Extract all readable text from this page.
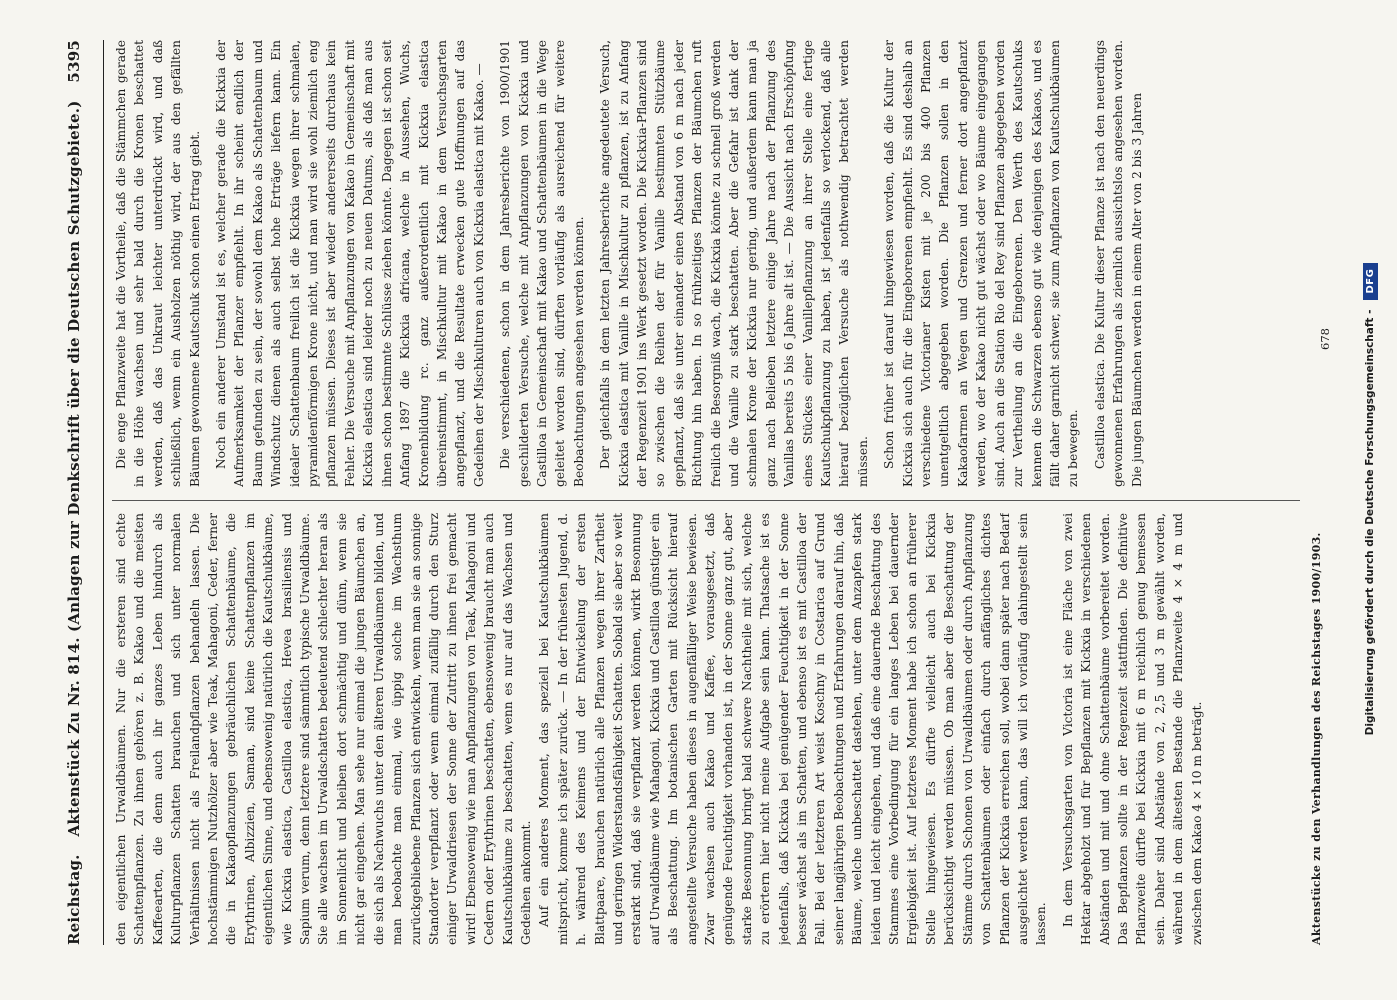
Reichstag.
Aktenstück Zu Nr. 814. (Anlagen zur Denkschrift über die Deutschen Schutzgebiete.)
5395

den eigentlichen Urwaldbäumen. Nur die ersteren sind echte Schattenpflanzen. Zu ihnen gehören z. B. Kakao und die meisten Kaffeearten, die denn auch ihr ganzes Leben hindurch als Kulturpflanzen Schatten brauchen und sich unter normalen Verhältnissen nicht als Freilandpflanzen behandeln lassen. Die hochstämmigen Nutzhölzer aber wie Teak, Mahagoni, Ceder, ferner die in Kakaopflanzungen gebräuchlichen Schattenbäume, die Erythrinen, Albizzien, Saman, sind keine Schattenpflanzen im eigentlichen Sinne, und ebensowenig natürlich die Kautschukbäume, wie Kickxia elastica, Castilloa elastica, Hevea brasiliensis und Sapium verum, denn letztere sind sämmtlich typische Urwaldbäume. Sie alle wachsen im Urwaldschatten bedeutend schlechter heran als im Sonnenlicht und bleiben dort schmächtig und dünn, wenn sie nicht gar eingehen. Man sehe nur einmal die jungen Bäumchen an, die sich als Nachwuchs unter den älteren Urwaldbäumen bilden, und man beobachte man einmal, wie üppig solche im Wachsthum zurückgebliebene Pflanzen sich entwickeln, wenn man sie an sonnige Standorter verpflanzt oder wenn einmal zufällig durch den Sturz einiger Urwaldriesen der Sonne der Zutritt zu ihnen frei gemacht wird! Ebensowenig wie man Anpflanzungen von Teak, Mahagoni und Cedern oder Erythrinen beschatten, ebensowenig braucht man auch Kautschukbäume zu beschatten, wenn es nur auf das Wachsen und Gedeihen ankommt. Auf ein anderes Moment, das speziell bei Kautschukbäumen mitspricht, komme ich später zurück. — In der frühesten Jugend, d. h. während des Keimens und der Entwickelung der ersten Blattpaare, brauchen natürlich alle Pflanzen wegen ihrer Zartheit und geringen Widerstandsfähigkeit Schatten. Sobald sie aber so weit erstarkt sind, daß sie verpflanzt werden können, wirkt Besonnung auf Urwaldbäume wie Mahagoni, Kickxia und Castilloa günstiger ein als Beschattung. Im botanischen Garten mit Rücksicht hierauf angestellte Versuche haben dieses in augenfälliger Weise bewiesen. Zwar wachsen auch Kakao und Kaffee, vorausgesetzt, daß genügende Feuchtigkeit vorhanden ist, in der Sonne ganz gut, aber starke Besonnung bringt bald schwere Nachtheile mit sich, welche zu erörtern hier nicht meine Aufgabe sein kann. Thatsache ist es jedenfalls, daß Kickxia bei genügender Feuchtigkeit in der Sonne besser wächst als im Schatten, und ebenso ist es mit Castilloa der Fall. Bei der letzteren Art weist Koschny in Costarica auf Grund seiner langjährigen Beobachtungen und Erfahrungen darauf hin, daß Bäume, welche unbeschattet dastehen, unter dem Anzapfen stark leiden und leicht eingehen, und daß eine dauernde Beschattung des Stammes eine Vorbedingung für ein langes Leben bei dauernder Ergiebigkeit ist. Auf letzteres Moment habe ich schon an früherer Stelle hingewiesen. Es dürfte vielleicht auch bei Kickxia berücksichtigt werden müssen. Ob man aber die Beschattung der Stämme durch Schonen von Urwaldbäumen oder durch Anpflanzung von Schattenbäumen oder einfach durch anfängliches dichtes Pflanzen der Kickxia erreichen soll, wobei dann später nach Bedarf ausgelichtet werden kann, das will ich vorläufig dahingestellt sein lassen. In dem Versuchsgarten von Victoria ist eine Fläche von zwei Hektar abgeholzt und für Bepflanzen mit Kickxia in verschiedenen Abständen und mit und ohne Schattenbäume vorbereitet worden. Das Bepflanzen sollte in der Regenzeit stattfinden. Die definitive Pflanzweite dürfte bei Kickxia mit 6 m reichlich genug bemessen sein. Daher sind Abstände von 2, 2,5 und 3 m gewählt worden, während in dem ältesten Bestande die Pflanzweite 4 × 4 m und zwischen dem Kakao 4 × 10 m beträgt.

Die enge Pflanzweite hat die Vortheile, daß die Stämmchen gerade in die Höhe wachsen und sehr bald durch die Kronen beschattet werden, daß das Unkraut leichter unterdrückt wird, und daß schließlich, wenn ein Ausholzen nöthig wird, der aus den gefällten Bäumen gewonnene Kautschuk schon einen Ertrag giebt. Noch ein anderer Umstand ist es, welcher gerade die Kickxia der Aufmerksamkeit der Pflanzer empfiehlt. In ihr scheint endlich der Baum gefunden zu sein, der sowohl dem Kakao als Schattenbaum und Windschutz dienen als auch selbst hohe Erträge liefern kann. Ein idealer Schattenbaum freilich ist die Kickxia wegen ihrer schmalen, pyramidenförmigen Krone nicht, und man wird sie wohl ziemlich eng pflanzen müssen. Dieses ist aber wieder andererseits durchaus kein Fehler. Die Versuche mit Anpflanzungen von Kakao in Gemeinschaft mit Kickxia elastica sind leider noch zu neuen Datums, als daß man aus ihnen schon bestimmte Schlüsse ziehen könnte. Dagegen ist schon seit Anfang 1897 die Kickxia africana, welche in Aussehen, Wuchs, Kronenbildung rc. ganz außerordentlich mit Kickxia elastica übereinstimmt, in Mischkultur mit Kakao in dem Versuchsgarten angepflanzt, und die Resultate erwecken gute Hoffnungen auf das Gedeihen der Mischkulturen auch von Kickxia elastica mit Kakao. — Die verschiedenen, schon in dem Jahresberichte von 1900/1901 geschilderten Versuche, welche mit Anpflanzungen von Kickxia und Castilloa in Gemeinschaft mit Kakao und Schattenbäumen in die Wege geleitet worden sind, dürften vorläufig als ausreichend für weitere Beobachtungen angesehen werden können. Der gleichfalls in dem letzten Jahresberichte angedeutete Versuch, Kickxia elastica mit Vanille in Mischkultur zu pflanzen, ist zu Anfang der Regenzeit 1901 ins Werk gesetzt worden. Die Kickxia-Pflanzen sind so zwischen die Reihen der für Vanille bestimmten Stützbäume gepflanzt, daß sie unter einander einen Abstand von 6 m nach jeder Richtung hin haben. In so frühzeitiges Pflanzen der Bäumchen ruft freilich die Besorgniß wach, die Kickxia könnte zu schnell groß werden und die Vanille zu stark beschatten. Aber die Gefahr ist dank der schmalen Krone der Kickxia nur gering, und außerdem kann man ja ganz nach Belieben letztere einige Jahre nach der Pflanzung des Vanillas bereits 5 bis 6 Jahre alt ist. — Die Aussicht nach Erschöpfung eines Stückes einer Vanillepflanzung an ihrer Stelle eine fertige Kautschukpflanzung zu haben, ist jedenfalls so verlockend, daß alle hierauf bezüglichen Versuche als nothwendig betrachtet werden müssen. Schon früher ist darauf hingewiesen worden, daß die Kultur der Kickxia sich auch für die Eingeborenen empfiehlt. Es sind deshalb an verschiedene Victorianer Kisten mit je 200 bis 400 Pflanzen unentgeltlich abgegeben worden. Die Pflanzen sollen in den Kakaofarmen an Wegen und Grenzen und ferner dort angepflanzt werden, wo der Kakao nicht gut wächst oder wo Bäume eingegangen sind. Auch an die Station Rio del Rey sind Pflanzen abgegeben worden zur Vertheilung an die Eingeborenen. Den Werth des Kautschuks kennen die Schwarzen ebenso gut wie denjenigen des Kakaos, und es fällt daher garnicht schwer, sie zum Anpflanzen von Kautschukbäumen zu bewegen. Castilloa elastica. Die Kultur dieser Pflanze ist nach den neuerdings gewonnenen Erfahrungen als ziemlich aussichtslos angesehen worden. Die jungen Bäumchen werden in einem Alter von 2 bis 3 Jahren

Aktenstücke zu den Verhandlungen des Reichstages 1900/1903.
678	Digitalisierung gefördert durch die Deutsche Forschungsgemeinschaft -
DFG
